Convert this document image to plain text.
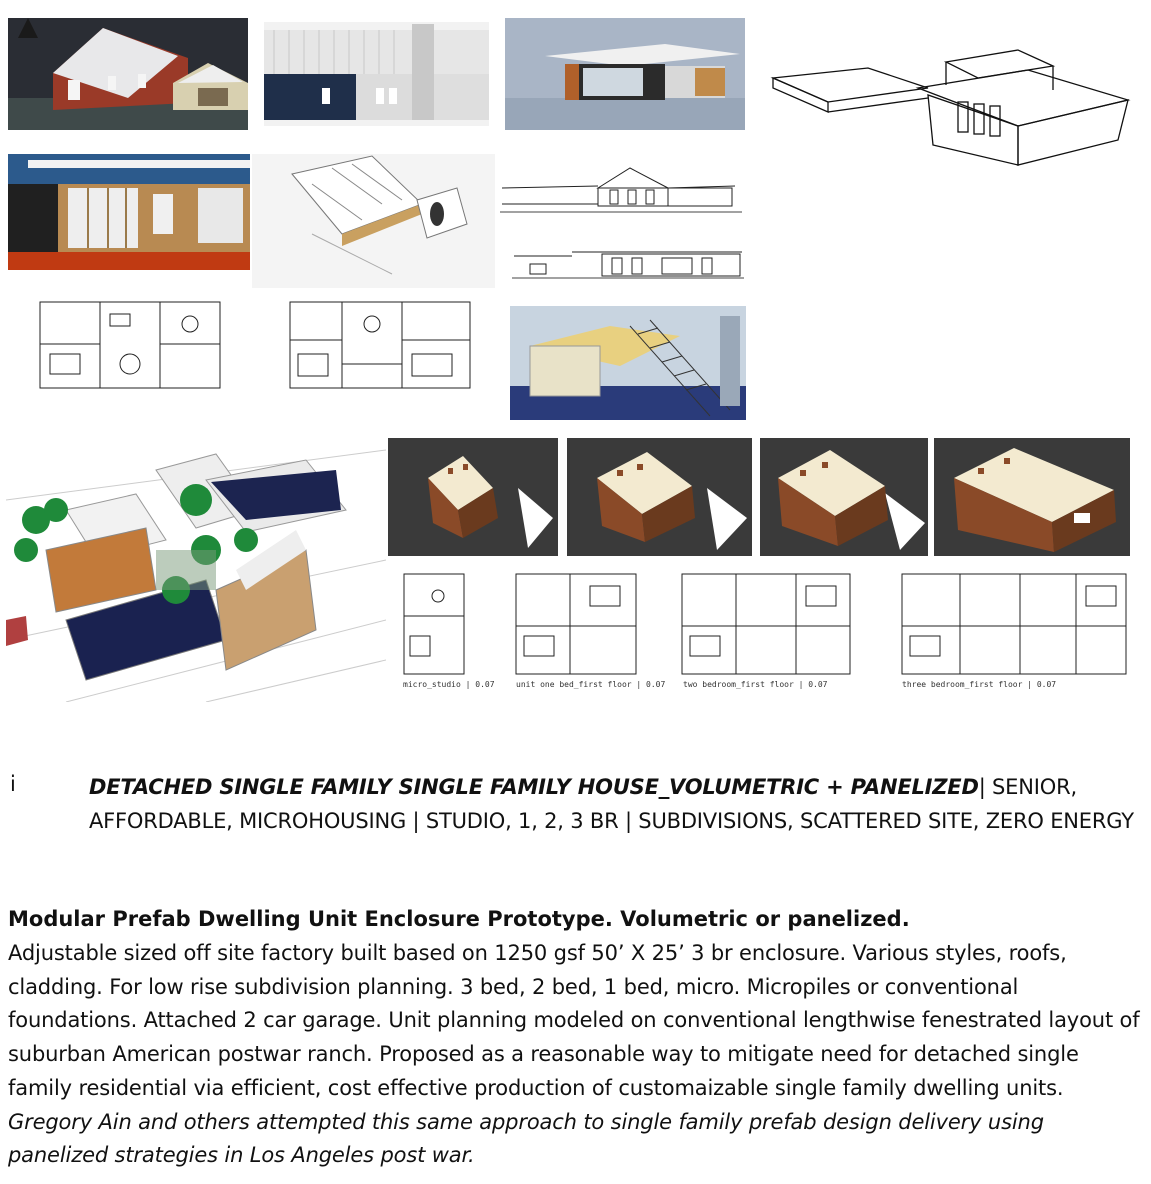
micro_studio | 0.07	unit one bed_first floor | 0.07 two bedroom_first floor | 0.07	three bedroom_first floor | 0.07
i	DETACHED SINGLE FAMILY SINGLE FAMILY HOUSE_VOLUMETRIC + PANELIZED| SENIOR, AFFORDABLE, MICROHOUSING | STUDIO, 1, 2, 3 BR | SUBDIVISIONS, SCATTERED SITE, ZERO ENERGY
Modular Prefab Dwelling Unit Enclosure Prototype. Volumetric or panelized.
Adjustable sized off site factory built based on 1250 gsf 50’ X 25’ 3 br enclosure. Various styles, roofs, cladding. For low rise subdivision planning. 3 bed, 2 bed, 1 bed, micro. Micropiles or conventional foundations. Attached 2 car garage. Unit planning modeled on conventional lengthwise fenestrated layout of suburban American postwar ranch. Proposed as a reasonable way to mitigate need for detached single family residential via efficient, cost effective production of customaizable single family dwelling units. Gregory Ain and others attempted this same approach to single family prefab design delivery using panelized strategies in Los Angeles post war.
